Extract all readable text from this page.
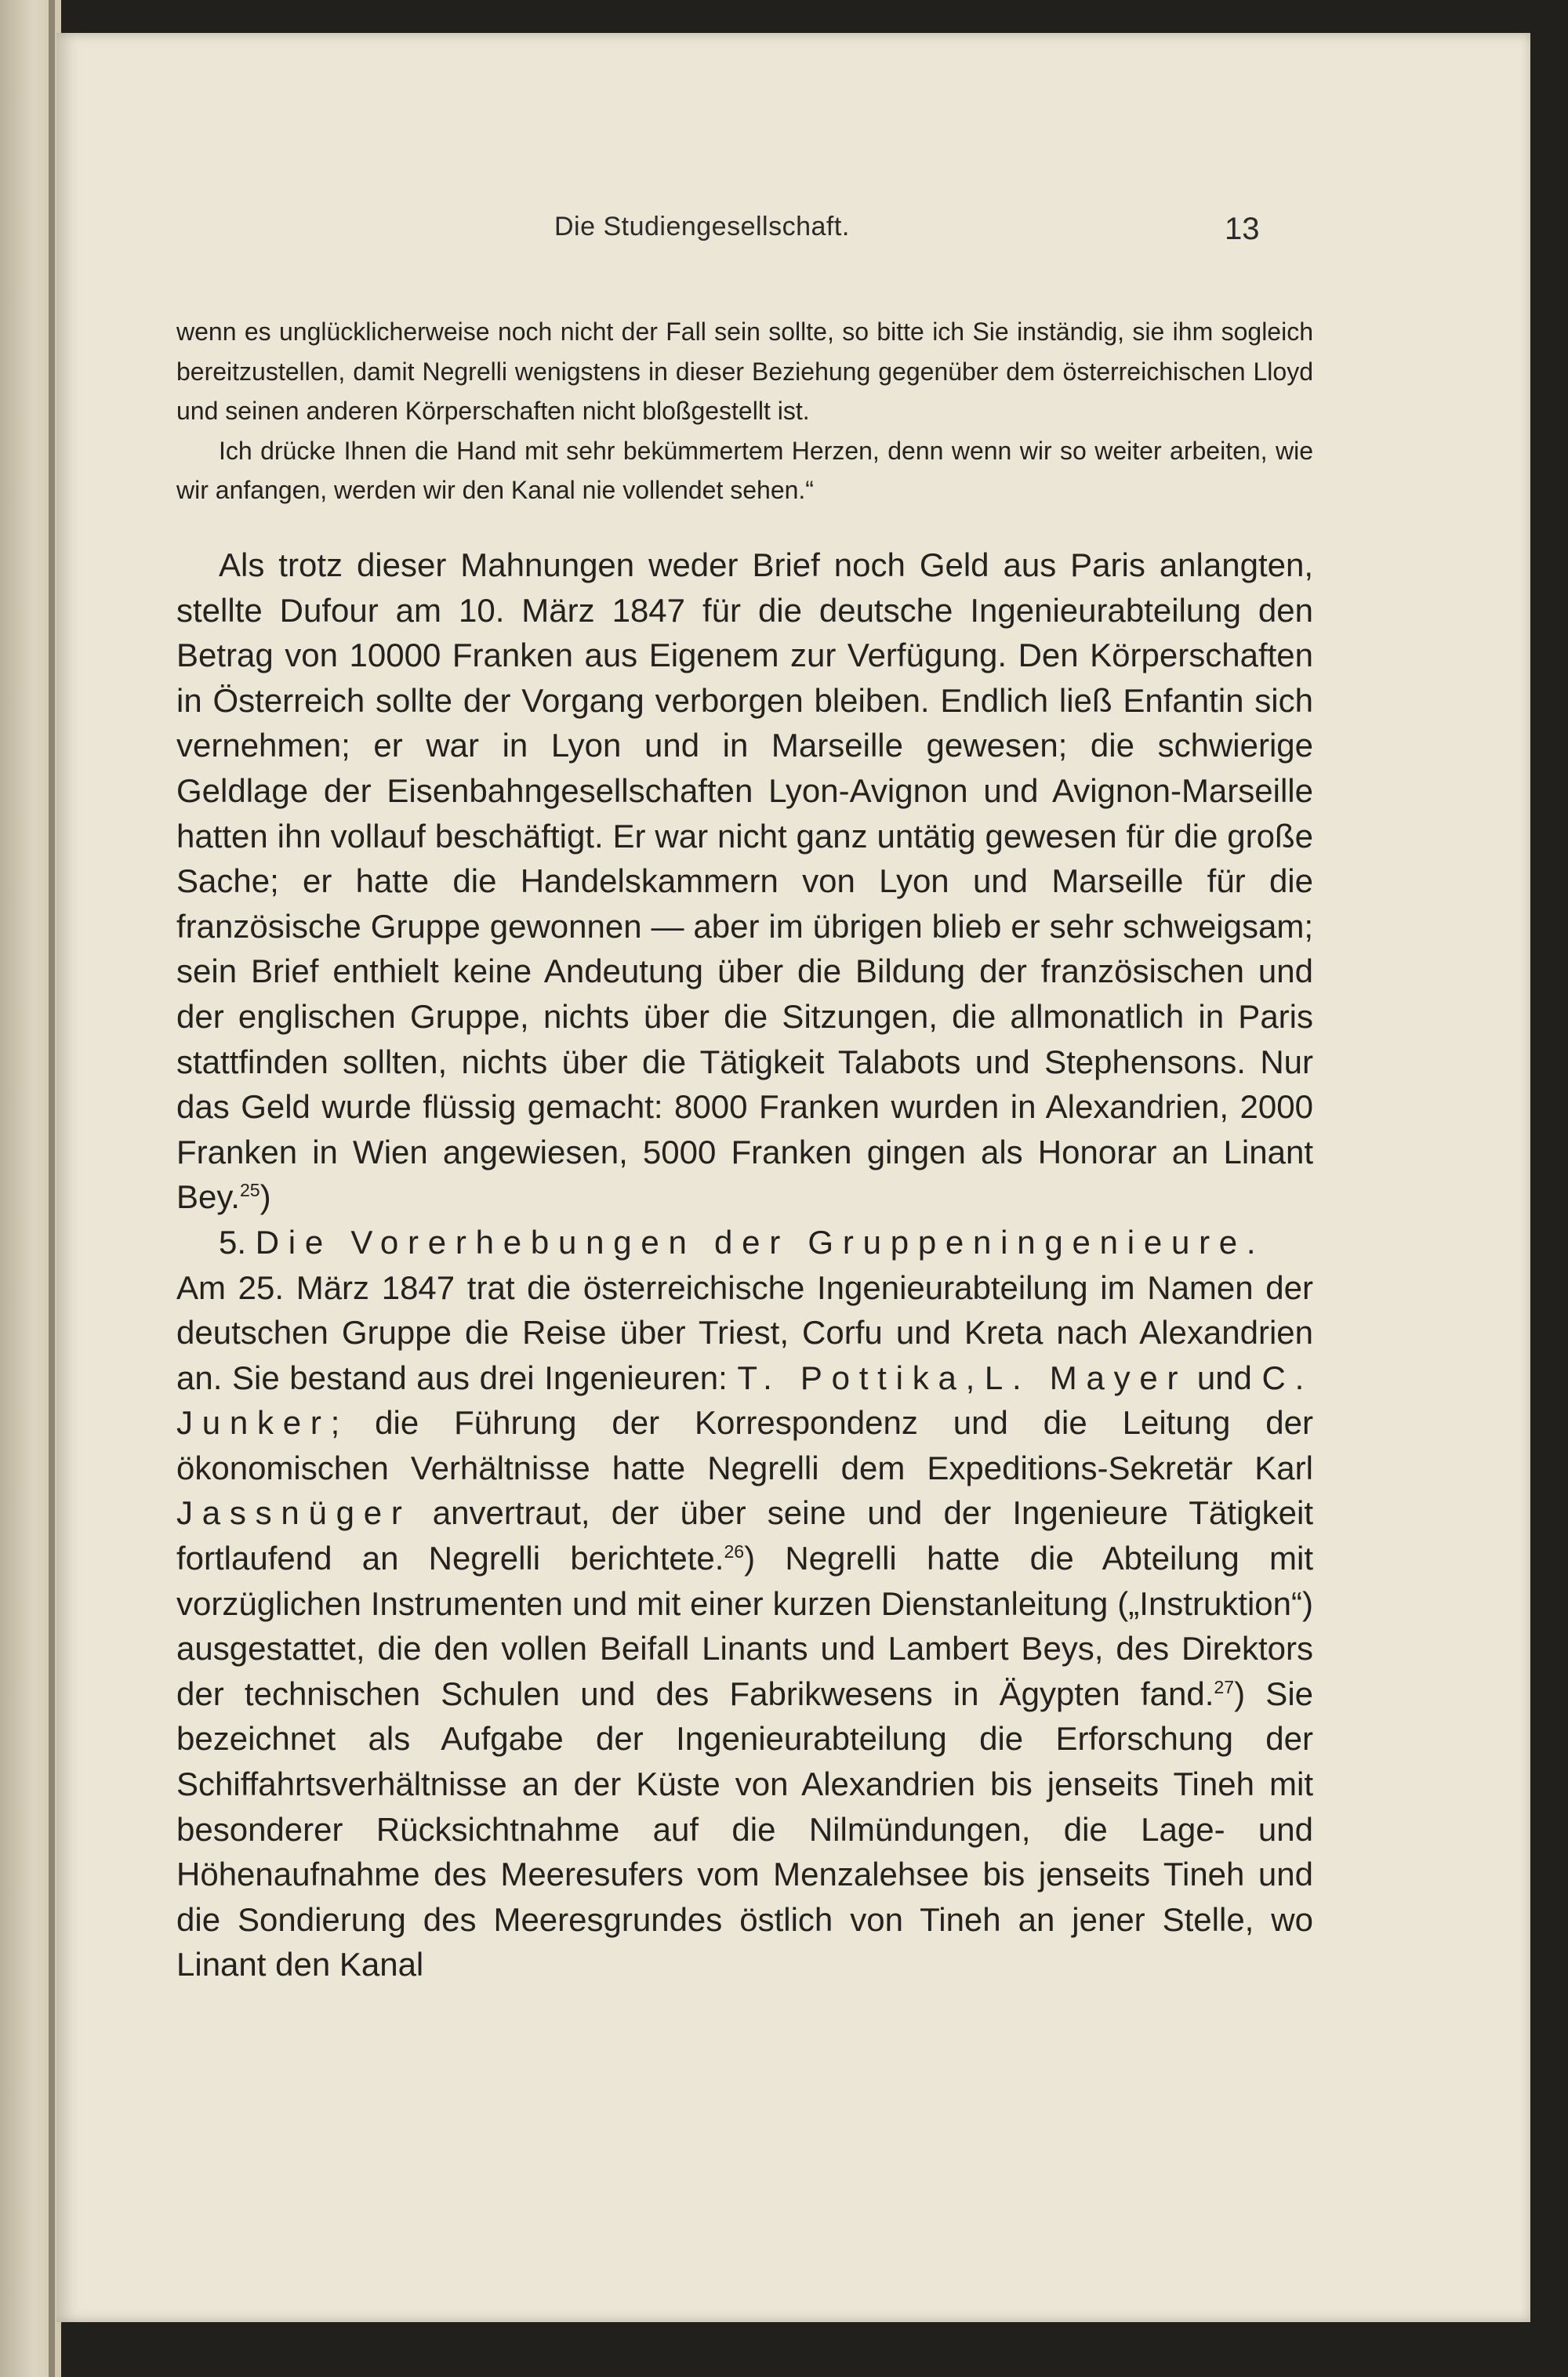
Die Studiengesellschaft.	13

wenn es unglücklicherweise noch nicht der Fall sein sollte, so bitte ich Sie inständig, sie ihm sogleich bereitzustellen, damit Negrelli wenigstens in dieser Beziehung gegenüber dem österreichischen Lloyd und seinen anderen Körperschaften nicht bloßgestellt ist.

Ich drücke Ihnen die Hand mit sehr bekümmertem Herzen, denn wenn wir so weiter arbeiten, wie wir anfangen, werden wir den Kanal nie vollendet sehen.“

Als trotz dieser Mahnungen weder Brief noch Geld aus Paris anlangten, stellte Dufour am 10. März 1847 für die deutsche Ingenieurabteilung den Betrag von 10000 Franken aus Eigenem zur Verfügung. Den Körperschaften in Österreich sollte der Vorgang verborgen bleiben. Endlich ließ Enfantin sich vernehmen; er war in Lyon und in Marseille gewesen; die schwierige Geldlage der Eisenbahngesellschaften Lyon-Avignon und Avignon-Marseille hatten ihn vollauf beschäftigt. Er war nicht ganz untätig gewesen für die große Sache; er hatte die Handelskammern von Lyon und Marseille für die französische Gruppe gewonnen — aber im übrigen blieb er sehr schweigsam; sein Brief enthielt keine Andeutung über die Bildung der französischen und der englischen Gruppe, nichts über die Sitzungen, die allmonatlich in Paris stattfinden sollten, nichts über die Tätigkeit Talabots und Stephensons. Nur das Geld wurde flüssig gemacht: 8000 Franken wurden in Alexandrien, 2000 Franken in Wien angewiesen, 5000 Franken gingen als Honorar an Linant Bey.$^{25}$)

5. Die Vorerhebungen der Gruppeningenieure.

Am 25. März 1847 trat die österreichische Ingenieurabteilung im Namen der deutschen Gruppe die Reise über Triest, Corfu und Kreta nach Alexandrien an. Sie bestand aus drei Ingenieuren: T. Pottika, L. Mayer und C. Junker; die Führung der Korrespondenz und die Leitung der ökonomischen Verhältnisse hatte Negrelli dem Expeditions-Sekretär Karl Jassnüger anvertraut, der über seine und der Ingenieure Tätigkeit fortlaufend an Negrelli berichtete.$^{26}$) Negrelli hatte die Abteilung mit vorzüglichen Instrumenten und mit einer kurzen Dienstanleitung („Instruktion“) ausgestattet, die den vollen Beifall Linants und Lambert Beys, des Direktors der technischen Schulen und des Fabrikwesens in Ägypten fand.$^{27}$) Sie bezeichnet als Aufgabe der Ingenieurabteilung die Erforschung der Schiffahrtsverhältnisse an der Küste von Alexandrien bis jenseits Tineh mit besonderer Rücksichtnahme auf die Nilmündungen, die Lage- und Höhenaufnahme des Meeresufers vom Menzalehsee bis jenseits Tineh und die Sondierung des Meeresgrundes östlich von Tineh an jener Stelle, wo Linant den Kanal
